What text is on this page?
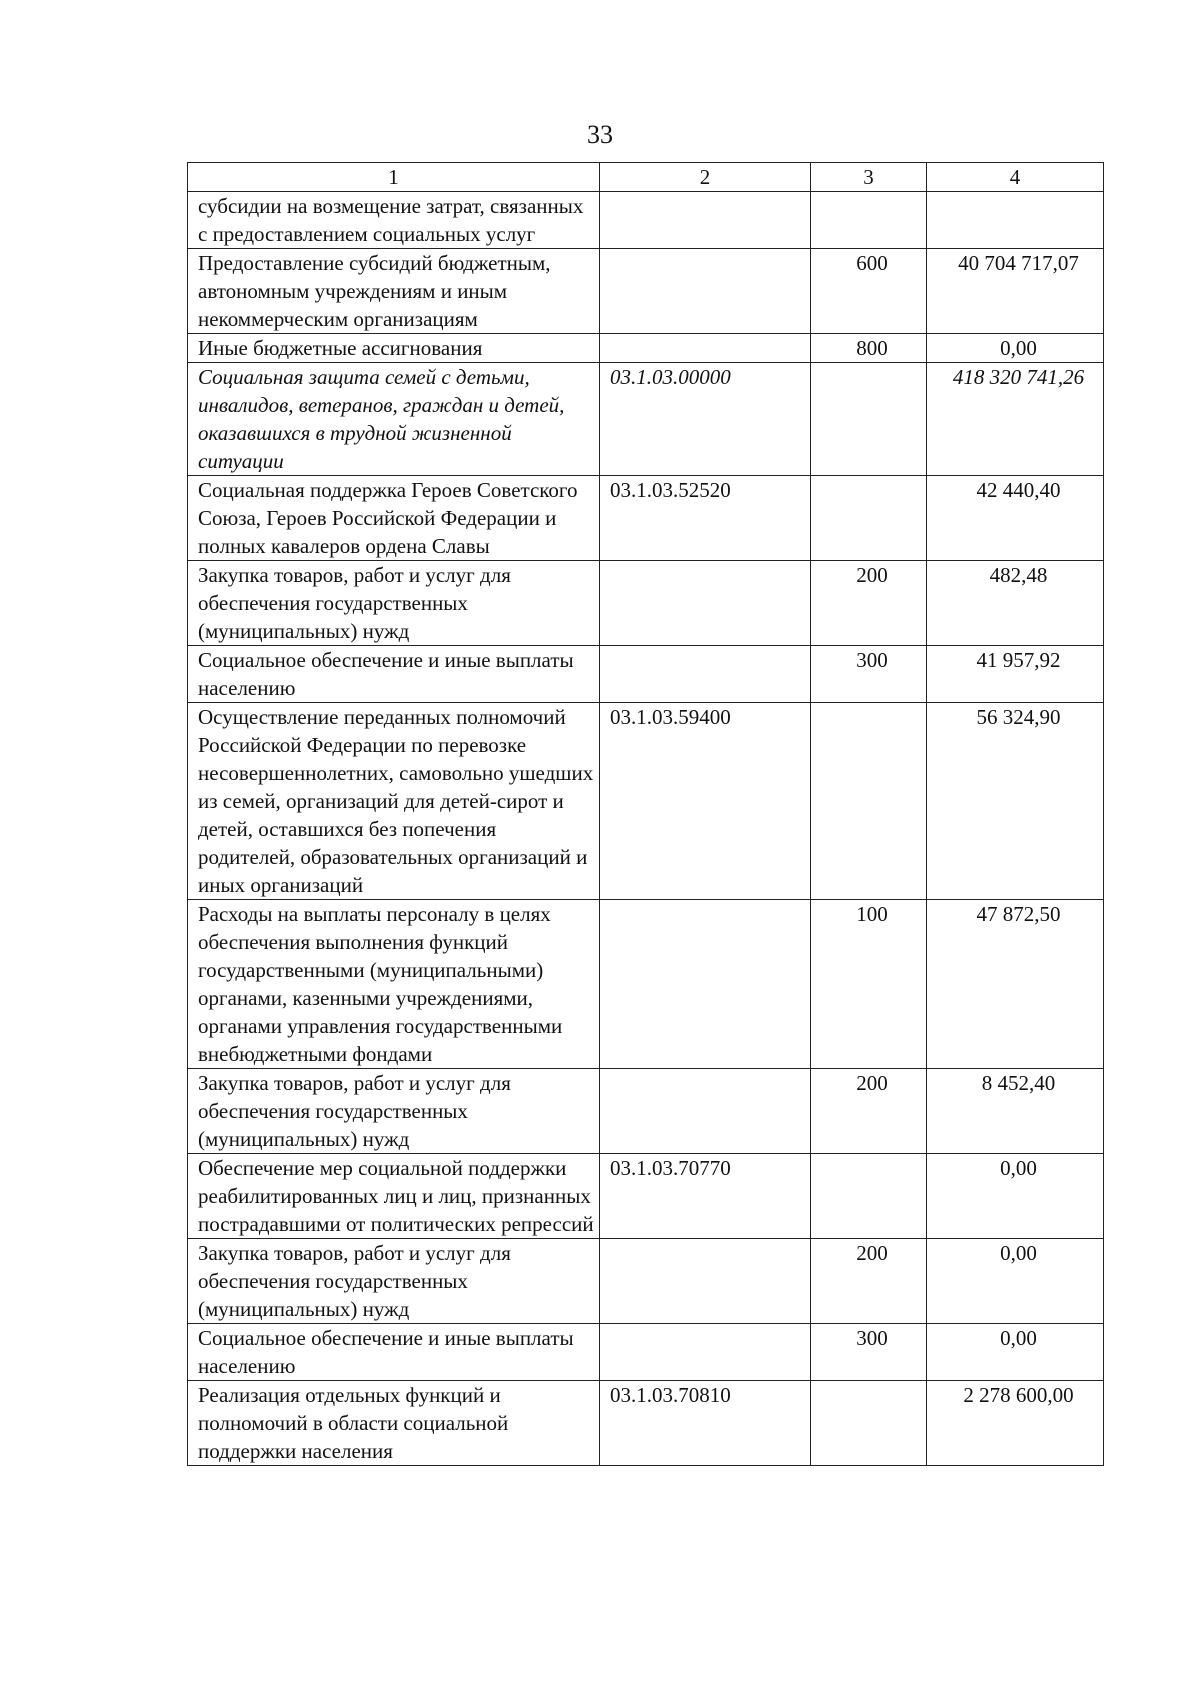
33
1	2	3	4
субсидии на возмещение затрат, связанных с предоставлением социальных услуг			
Предоставление субсидий бюджетным, автономным учреждениям и иным некоммерческим организациям		600	40 704 717,07
Иные бюджетные ассигнования		800	0,00
Социальная защита семей с детьми, инвалидов, ветеранов, граждан и детей, оказавшихся в трудной жизненной ситуации	03.1.03.00000		418 320 741,26
Социальная поддержка Героев Советского Союза, Героев Российской Федерации и полных кавалеров ордена Славы	03.1.03.52520		42 440,40
Закупка товаров, работ и услуг для обеспечения государственных (муниципальных) нужд		200	482,48
Социальное обеспечение и иные выплаты населению		300	41 957,92
Осуществление переданных полномочий Российской Федерации по перевозке несовершеннолетних, самовольно ушедших из семей, организаций для детей-сирот и детей, оставшихся без попечения родителей, образовательных организаций и иных организаций	03.1.03.59400		56 324,90
Расходы на выплаты персоналу в целях обеспечения выполнения функций государственными (муниципальными) органами, казенными учреждениями, органами управления государственными внебюджетными фондами		100	47 872,50
Закупка товаров, работ и услуг для обеспечения государственных (муниципальных) нужд		200	8 452,40
Обеспечение мер социальной поддержки реабилитированных лиц и лиц, признанных пострадавшими от политических репрессий	03.1.03.70770		0,00
Закупка товаров, работ и услуг для обеспечения государственных (муниципальных) нужд		200	0,00
Социальное обеспечение и иные выплаты населению		300	0,00
Реализация отдельных функций и полномочий в области социальной поддержки населения	03.1.03.70810		2 278 600,00
